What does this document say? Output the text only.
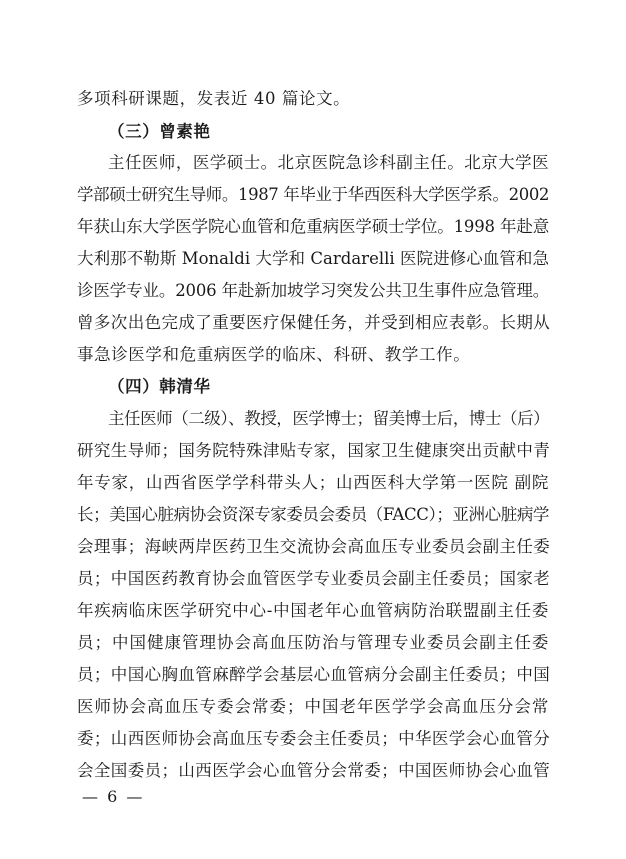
多项科研课题，发表近 40 篇论文。
（三）曾素艳
主任医师，医学硕士。北京医院急诊科副主任。北京大学医
学部硕士研究生导师。1987 年毕业于华西医科大学医学系。2002
年获山东大学医学院心血管和危重病医学硕士学位。1998 年赴意
大利那不勒斯 Monaldi 大学和 Cardarelli 医院进修心血管和急
诊医学专业。2006 年赴新加坡学习突发公共卫生事件应急管理。
曾多次出色完成了重要医疗保健任务，并受到相应表彰。长期从
事急诊医学和危重病医学的临床、科研、教学工作。
（四）韩清华
主任医师（二级）、教授，医学博士；留美博士后，博士（后）
研究生导师；国务院特殊津贴专家，国家卫生健康突出贡献中青
年专家，山西省医学学科带头人；山西医科大学第一医院 副院
长；美国心脏病协会资深专家委员会委员（FACC）；亚洲心脏病学
会理事；海峡两岸医药卫生交流协会高血压专业委员会副主任委
员；中国医药教育协会血管医学专业委员会副主任委员；国家老
年疾病临床医学研究中心-中国老年心血管病防治联盟副主任委
员；中国健康管理协会高血压防治与管理专业委员会副主任委
员；中国心胸血管麻醉学会基层心血管病分会副主任委员；中国
医师协会高血压专委会常委；中国老年医学学会高血压分会常
委；山西医师协会高血压专委会主任委员；中华医学会心血管分
会全国委员；山西医学会心血管分会常委；中国医师协会心血管
— 6 —
